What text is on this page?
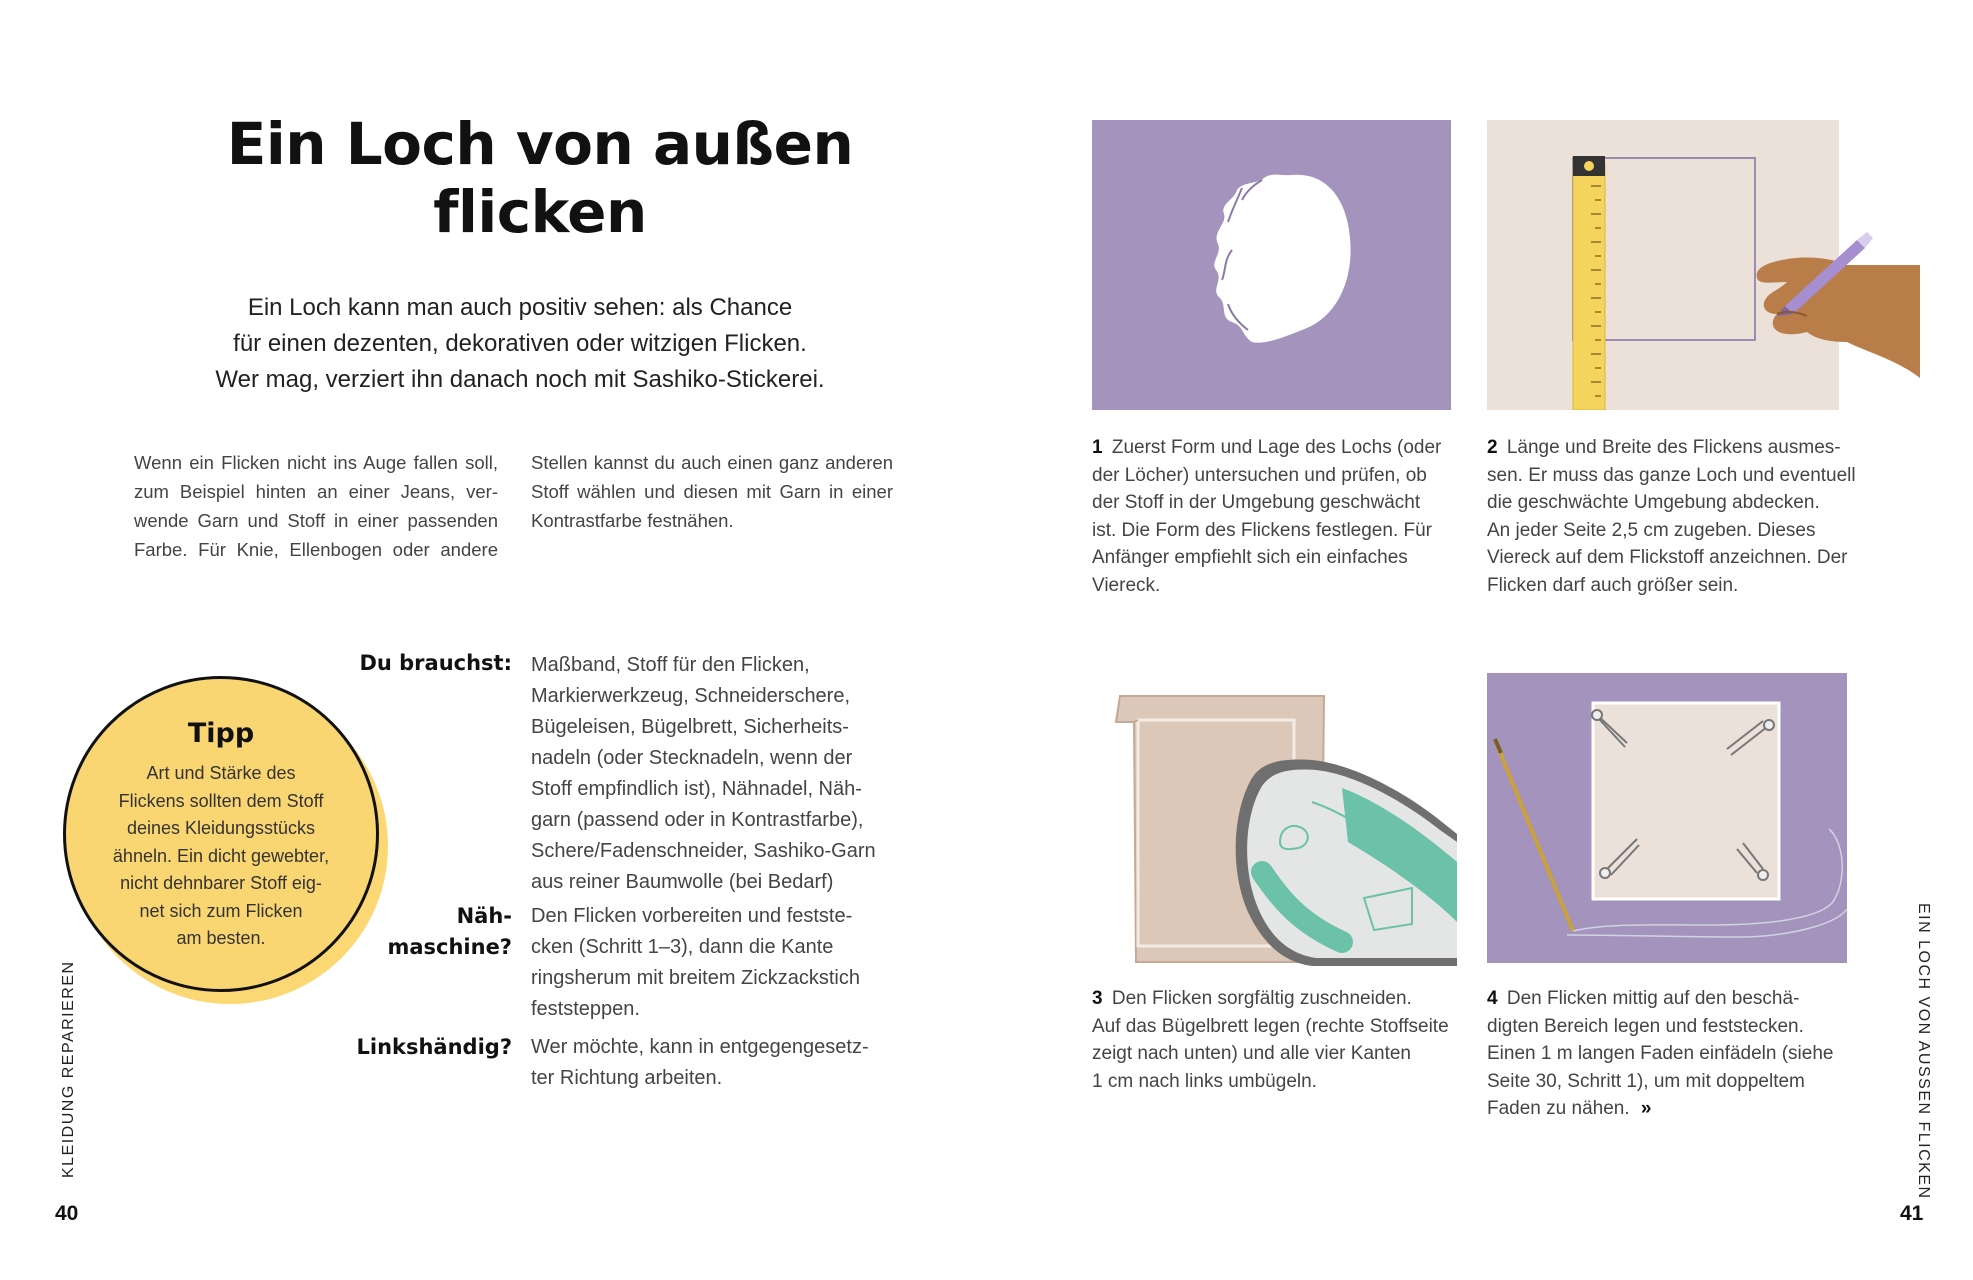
Ein Loch von außen
flicken
Ein Loch kann man auch positiv sehen: als Chance
für einen dezenten, dekorativen oder witzigen Flicken.
Wer mag, verziert ihn danach noch mit Sashiko-Stickerei.
Wenn ein Flicken nicht ins Auge fallen soll,
zum Beispiel hinten an einer Jeans, ver-
wende Garn und Stoff in einer passenden
Farbe. Für Knie, Ellenbogen oder andere
Stellen kannst du auch einen ganz anderen
Stoff wählen und diesen mit Garn in einer
Kontrastfarbe festnähen.
Du brauchst: Maßband, Stoff für den Flicken,
Markierwerkzeug, Schneiderschere,
Bügeleisen, Bügelbrett, Sicherheits-
nadeln (oder Stecknadeln, wenn der
Stoff empfindlich ist), Nähnadel, Näh-
garn (passend oder in Kontrastfarbe),
Schere/Fadenschneider, Sashiko-Garn
aus reiner Baumwolle (bei Bedarf)
Näh-
maschine?
Den Flicken vorbereiten und festste-
cken (Schritt 1–3), dann die Kante
ringsherum mit breitem Zickzackstich
feststeppen.
Linkshändig? Wer möchte, kann in entgegengesetz-
ter Richtung arbeiten.
Tipp
Art und Stärke des
Flickens sollten dem Stoff
deines Kleidungsstücks
ähneln. Ein dicht gewebter,
nicht dehnbarer Stoff eig-
net sich zum Flicken
am besten.
KLEIDUNG REPARIEREN	EIN LOCH VON AUSSEN FLICKEN
40	41
1 Zuerst Form und Lage des Lochs (oder
der Löcher) untersuchen und prüfen, ob
der Stoff in der Umgebung geschwächt
ist. Die Form des Flickens festlegen. Für
Anfänger empfiehlt sich ein einfaches
Viereck.
2 Länge und Breite des Flickens ausmes-
sen. Er muss das ganze Loch und eventuell
die geschwächte Umgebung abdecken.
An jeder Seite 2,5 cm zugeben. Dieses
Viereck auf dem Flickstoff anzeichnen. Der
Flicken darf auch größer sein.
3 Den Flicken sorgfältig zuschneiden.
Auf das Bügelbrett legen (rechte Stoffseite
zeigt nach unten) und alle vier Kanten
1 cm nach links umbügeln.
4 Den Flicken mittig auf den beschä-
digten Bereich legen und feststecken.
Einen 1 m langen Faden einfädeln (siehe
Seite 30, Schritt 1), um mit doppeltem
Faden zu nähen. »
